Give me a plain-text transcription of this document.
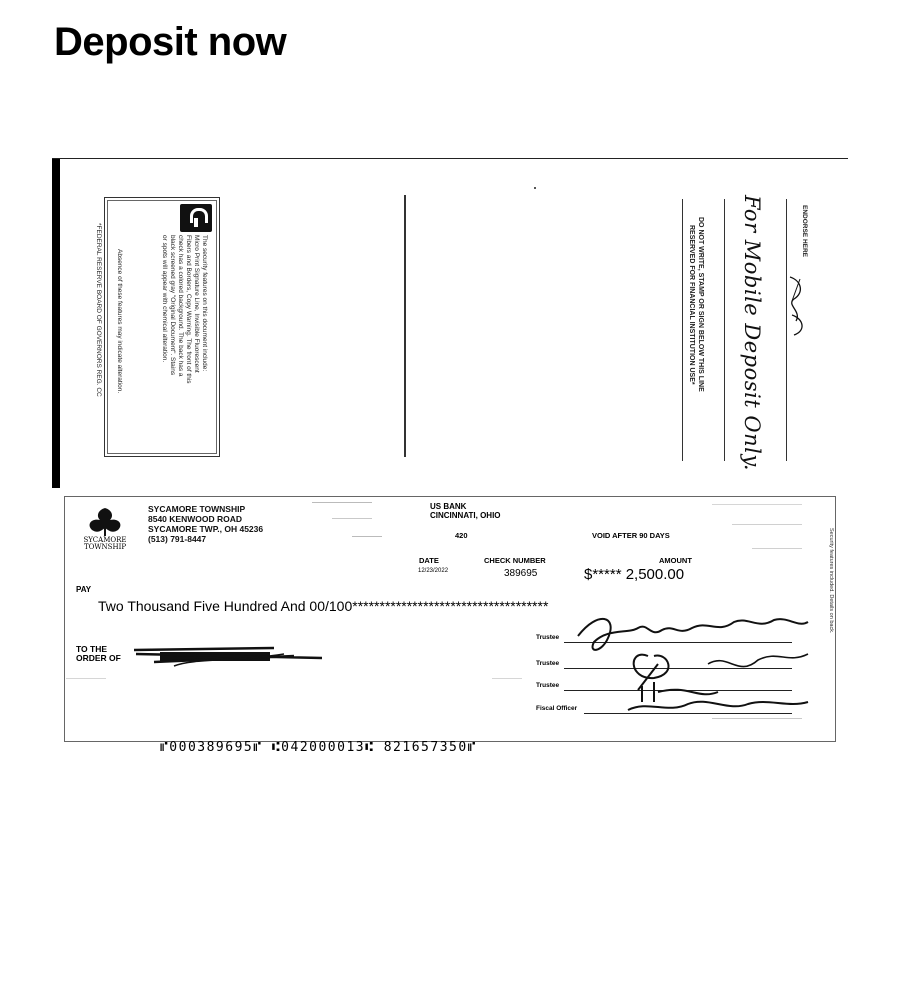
Deposit now
The security features on this document include:
Micro Print Signature Line, Invisible Fluorescent
Fibers and Borders, Copy Warning. The front of this
check has a colored background. The back has a
black screened gray "Original Document". Stains
or spots will appear with chemical alteration.
Absence of these features may indicate alteration.
*FEDERAL RESERVE BOARD OF GOVERNORS REG. CC	DO NOT WRITE, STAMP OR SIGN BELOW THIS LINE
RESERVED FOR FINANCIAL INSTITUTION USE* For Mobile Deposit Only.	ENDORSE HERE
SYCAMORE
TOWNSHIP
SYCAMORE TOWNSHIP
8540 KENWOOD ROAD
SYCAMORE TWP., OH 45236
(513) 791-8447
US BANK
CINCINNATI, OHIO
420	VOID AFTER 90 DAYS
DATE
12/23/2022
CHECK NUMBER
389695
AMOUNT
$***** 2,500.00
PAY
Two Thousand Five Hundred And 00/100************************************
TO THE
ORDER OF
Trustee
Trustee
Trustee
Fiscal Officer
Security features included. Details on back.
⑈000389695⑈ ⑆042000013⑆ 821657350⑈
